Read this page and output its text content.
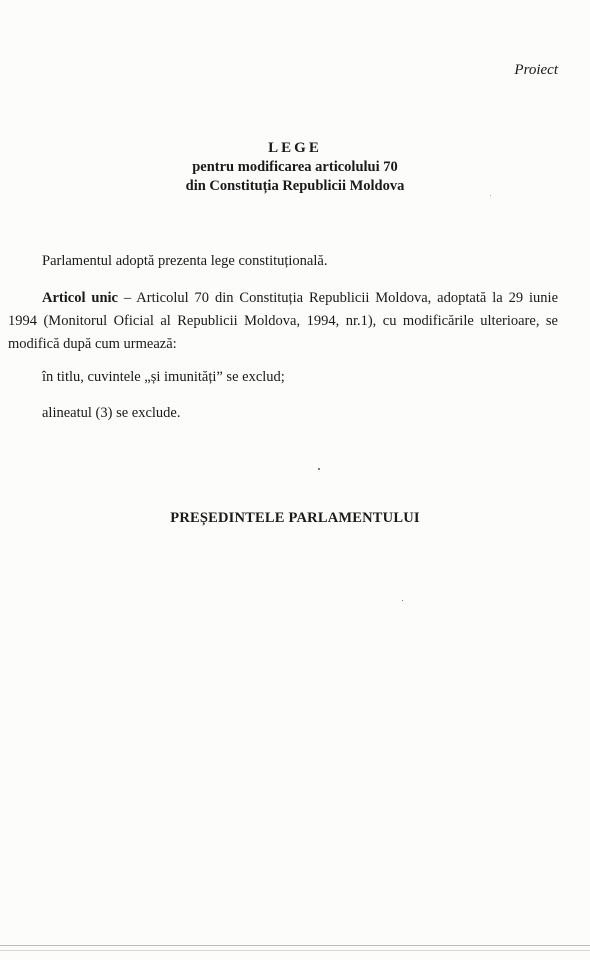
Proiect
LEGE
pentru modificarea articolului 70
din Constituția Republicii Moldova
Parlamentul adoptă prezenta lege constituțională.
Articol unic – Articolul 70 din Constituția Republicii Moldova, adoptată la 29 iunie 1994 (Monitorul Oficial al Republicii Moldova, 1994, nr.1), cu modificările ulterioare, se modifică după cum urmează:
în titlu, cuvintele „și imunități” se exclud;
alineatul (3) se exclude.
PREȘEDINTELE PARLAMENTULUI
